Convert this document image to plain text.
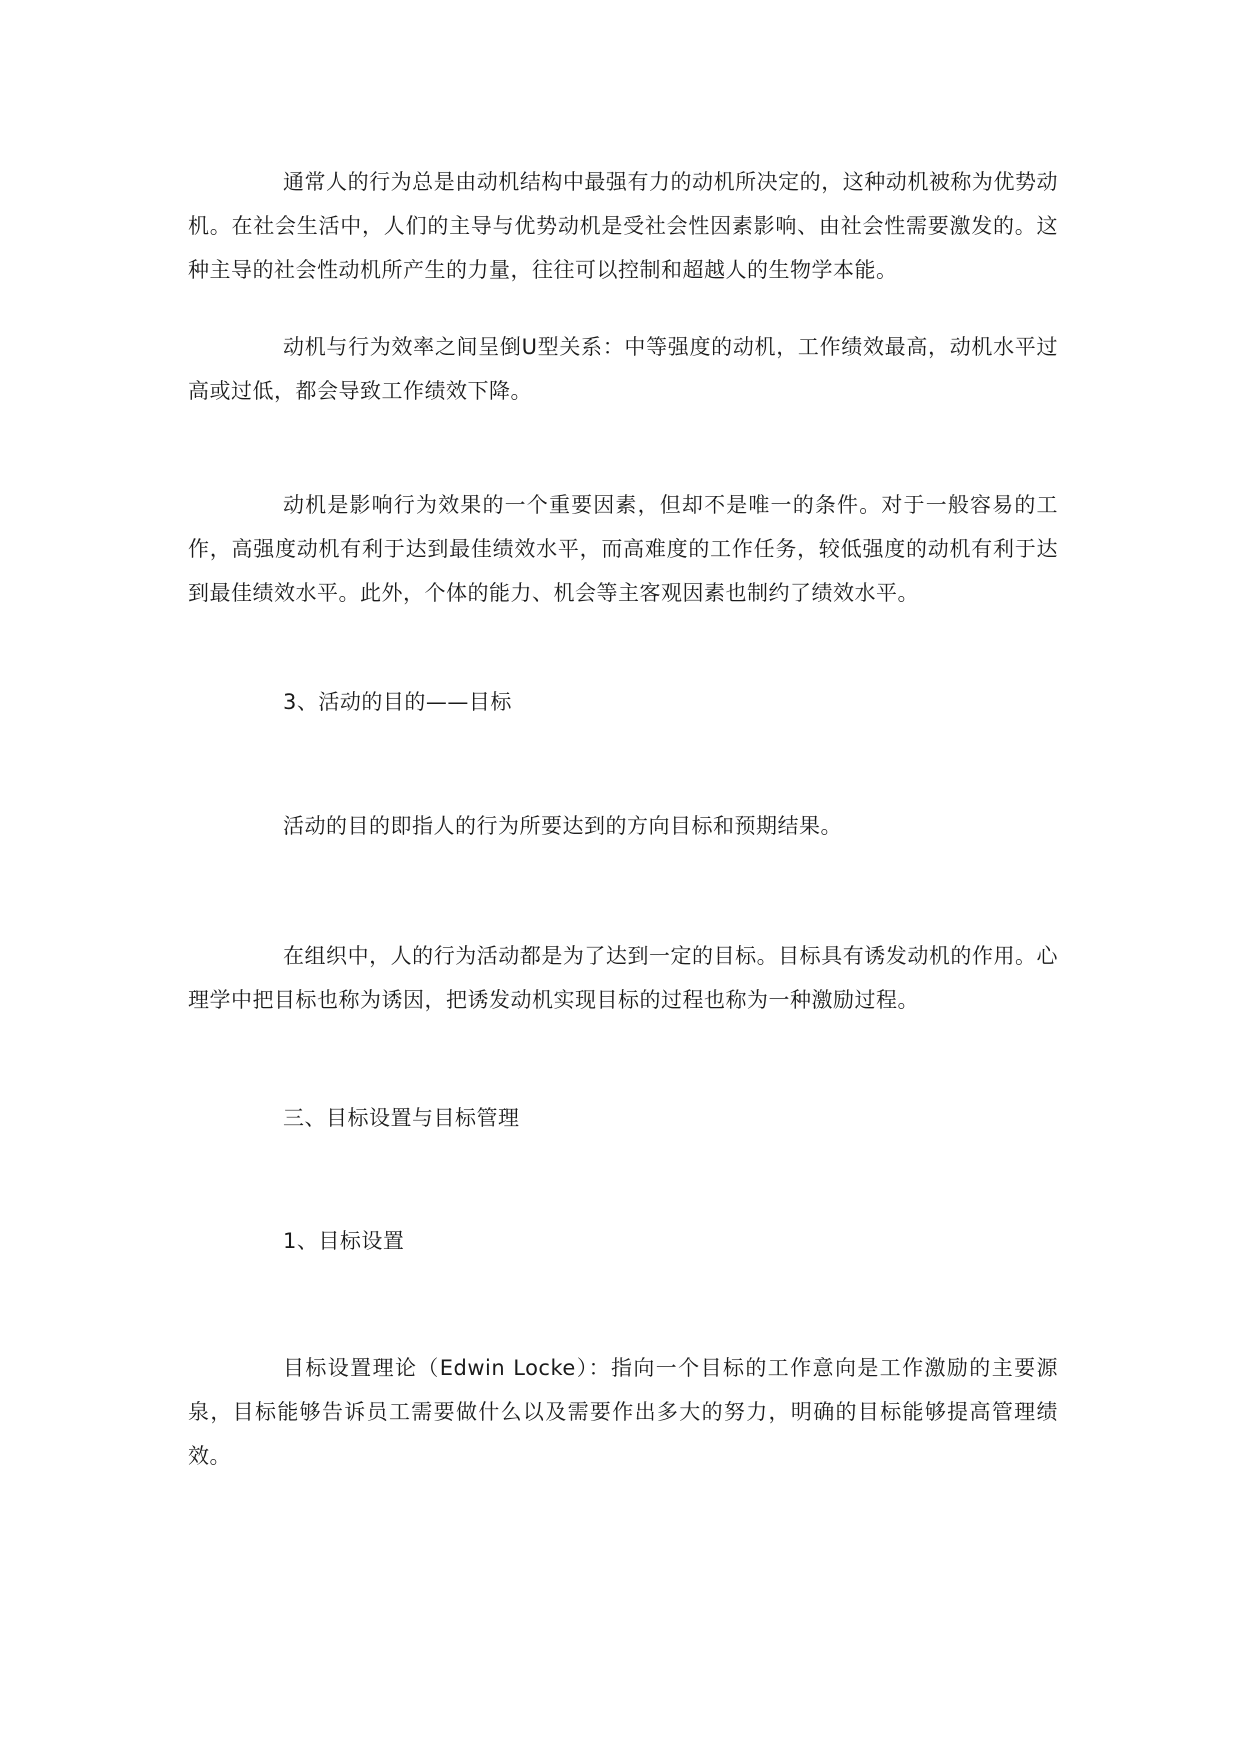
通常人的行为总是由动机结构中最强有力的动机所决定的，这种动机被称为优势动机。在社会生活中，人们的主导与优势动机是受社会性因素影响、由社会性需要激发的。这种主导的社会性动机所产生的力量，往往可以控制和超越人的生物学本能。

动机与行为效率之间呈倒U型关系：中等强度的动机，工作绩效最高，动机水平过高或过低，都会导致工作绩效下降。

动机是影响行为效果的一个重要因素，但却不是唯一的条件。对于一般容易的工作，高强度动机有利于达到最佳绩效水平，而高难度的工作任务，较低强度的动机有利于达到最佳绩效水平。此外，个体的能力、机会等主客观因素也制约了绩效水平。

3、活动的目的——目标

活动的目的即指人的行为所要达到的方向目标和预期结果。

在组织中，人的行为活动都是为了达到一定的目标。目标具有诱发动机的作用。心理学中把目标也称为诱因，把诱发动机实现目标的过程也称为一种激励过程。

三、目标设置与目标管理

1、目标设置

目标设置理论（Edwin Locke）：指向一个目标的工作意向是工作激励的主要源泉，目标能够告诉员工需要做什么以及需要作出多大的努力，明确的目标能够提高管理绩效。
